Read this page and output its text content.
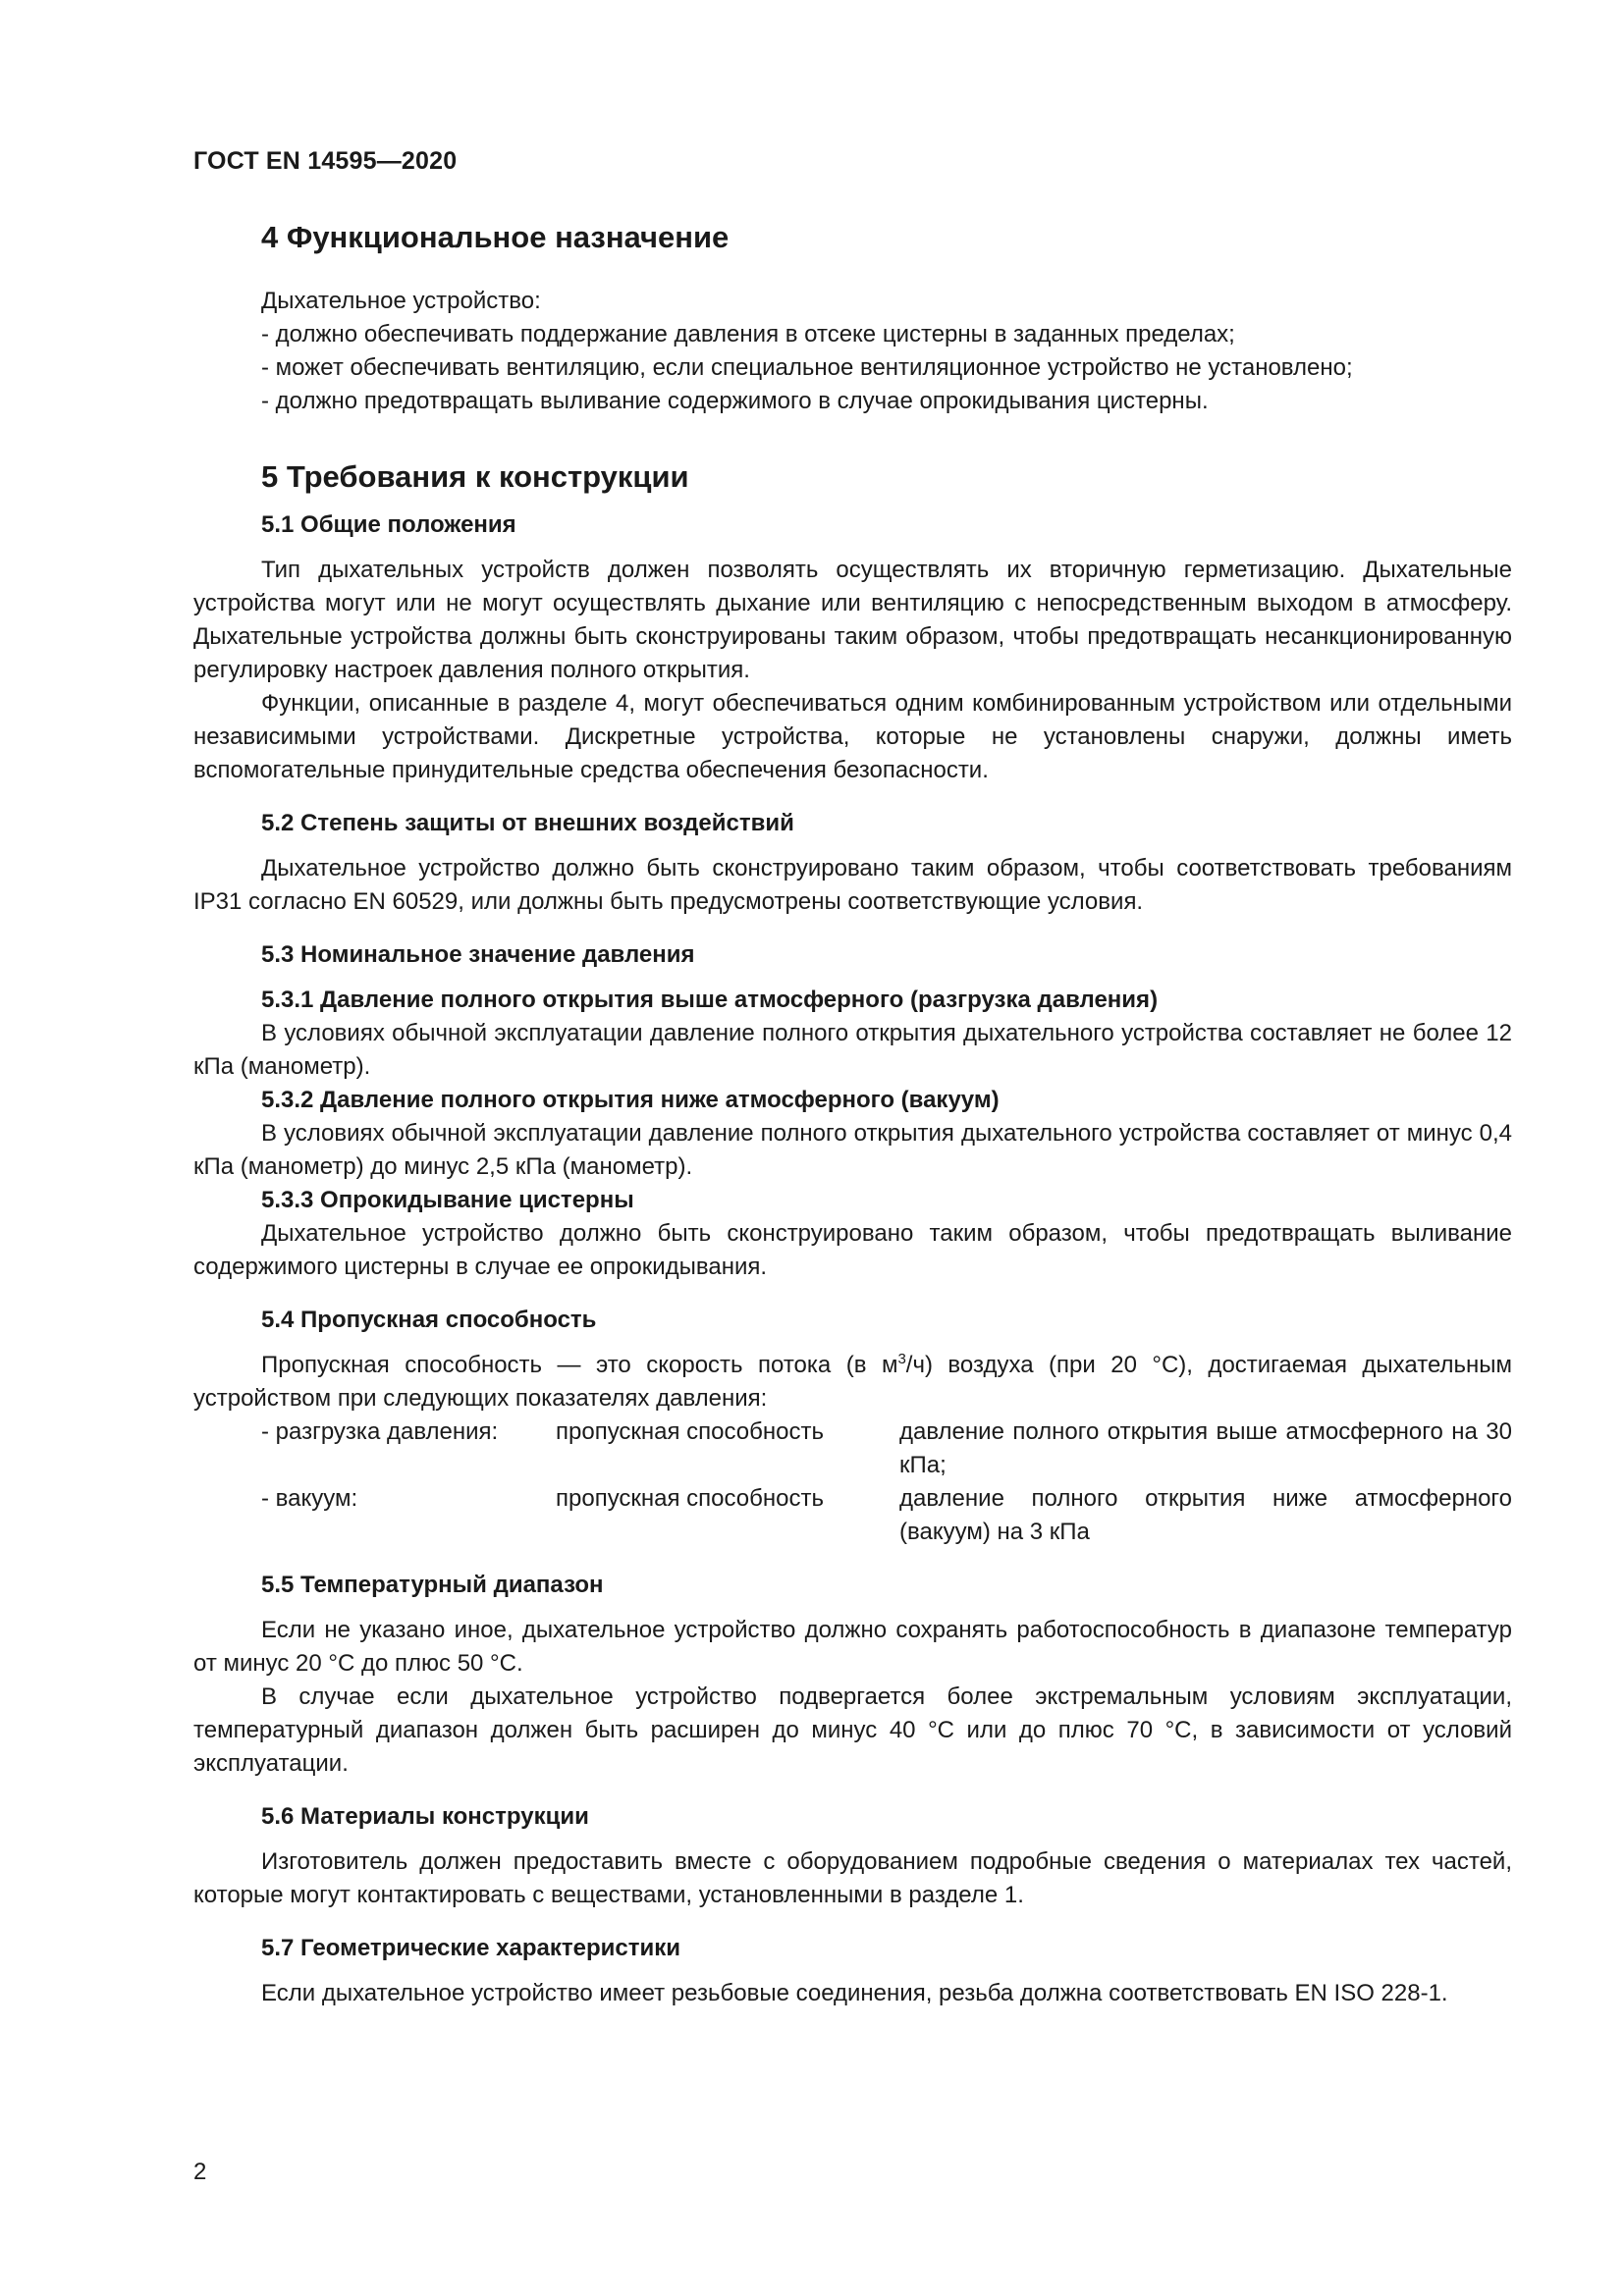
ГОСТ EN 14595—2020
4 Функциональное назначение

Дыхательное устройство:

- должно обеспечивать поддержание давления в отсеке цистерны в заданных пределах;

- может обеспечивать вентиляцию, если специальное вентиляционное устройство не установлено;

- должно предотвращать выливание содержимого в случае опрокидывания цистерны.

5 Требования к конструкции
5.1 Общие положения

Тип дыхательных устройств должен позволять осуществлять их вторичную герметизацию. Дыхательные устройства могут или не могут осуществлять дыхание или вентиляцию с непосредственным выходом в атмосферу. Дыхательные устройства должны быть сконструированы таким образом, чтобы предотвращать несанкционированную регулировку настроек давления полного открытия.

Функции, описанные в разделе 4, могут обеспечиваться одним комбинированным устройством или отдельными независимыми устройствами. Дискретные устройства, которые не установлены снаружи, должны иметь вспомогательные принудительные средства обеспечения безопасности.

5.2 Степень защиты от внешних воздействий

Дыхательное устройство должно быть сконструировано таким образом, чтобы соответствовать требованиям IP31 согласно EN 60529, или должны быть предусмотрены соответствующие условия.

5.3 Номинальное значение давления
5.3.1 Давление полного открытия выше атмосферного (разгрузка давления)

В условиях обычной эксплуатации давление полного открытия дыхательного устройства составляет не более 12 кПа (манометр).

5.3.2 Давление полного открытия ниже атмосферного (вакуум)

В условиях обычной эксплуатации давление полного открытия дыхательного устройства составляет от минус 0,4 кПа (манометр) до минус 2,5 кПа (манометр).

5.3.3 Опрокидывание цистерны

Дыхательное устройство должно быть сконструировано таким образом, чтобы предотвращать выливание содержимого цистерны в случае ее опрокидывания.

5.4 Пропускная способность

Пропускная способность — это скорость потока (в $м^3/ч$) воздуха (при 20 °C), достигаемая дыхательным устройством при следующих показателях давления:

- разгрузка давления:	пропускная способность	давление полного открытия выше атмосферного на 30 кПа;
- вакуум:	пропускная способность	давление полного открытия ниже атмосферного (вакуум) на 3 кПа
5.5 Температурный диапазон

Если не указано иное, дыхательное устройство должно сохранять работоспособность в диапазоне температур от минус 20 °C до плюс 50 °C.

В случае если дыхательное устройство подвергается более экстремальным условиям эксплуатации, температурный диапазон должен быть расширен до минус 40 °C или до плюс 70 °C, в зависимости от условий эксплуатации.

5.6 Материалы конструкции

Изготовитель должен предоставить вместе с оборудованием подробные сведения о материалах тех частей, которые могут контактировать с веществами, установленными в разделе 1.

5.7 Геометрические характеристики

Если дыхательное устройство имеет резьбовые соединения, резьба должна соответствовать EN ISO 228-1.

2
